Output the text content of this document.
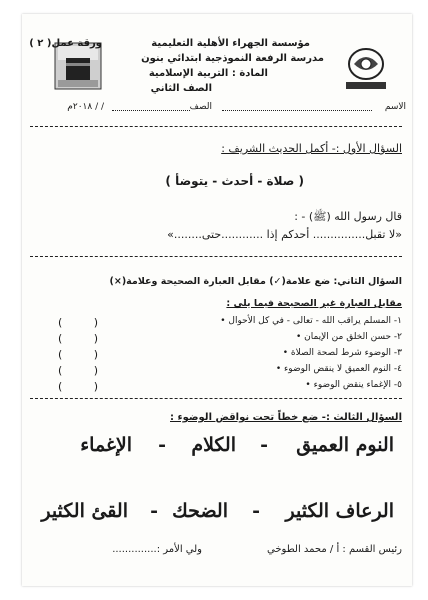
مؤسسة الجهراء الأهلية التعليمية
ورقة عمل( ٢ )
مدرسة الرفعة النموذجية ابتدائي بنون
المادة : التربية الإسلامية
الصف الثاني
الاسم
الصف
/ / ٢٠١٨م
السؤال الأول :- أكمل الحديث الشريف :
( صلاة - أحدث - يتوضأ )
قال رسول الله (ﷺ) - :
«لا تقبل............... أحدكم إذا ............حتى........»
السؤال الثاني: ضع علامة(✓) مقابل العبارة الصحيحة وعلامة(×)
مقابل العبارة غير الصحيحة فيما يلي :
١- المسلم يراقب الله - تعالى - في كل الأحوال •
٢- حسن الخلق من الإيمان •
٣- الوضوء شرط لصحة الصلاة •
٤- النوم العميق لا ينقض الوضوء •
٥- الإغماء ينقض الوضوء •
( )
( )
( )
( )
( )
السؤال الثالث :- ضع خطاً تحت نواقض الوضوء :
النوم العميق
-
الكلام
-
الإغماء
الرعاف الكثير
-
الضحك
-
القئ الكثير
رئيس القسم : أ / محمد الطوخي
ولي الأمر :..............
